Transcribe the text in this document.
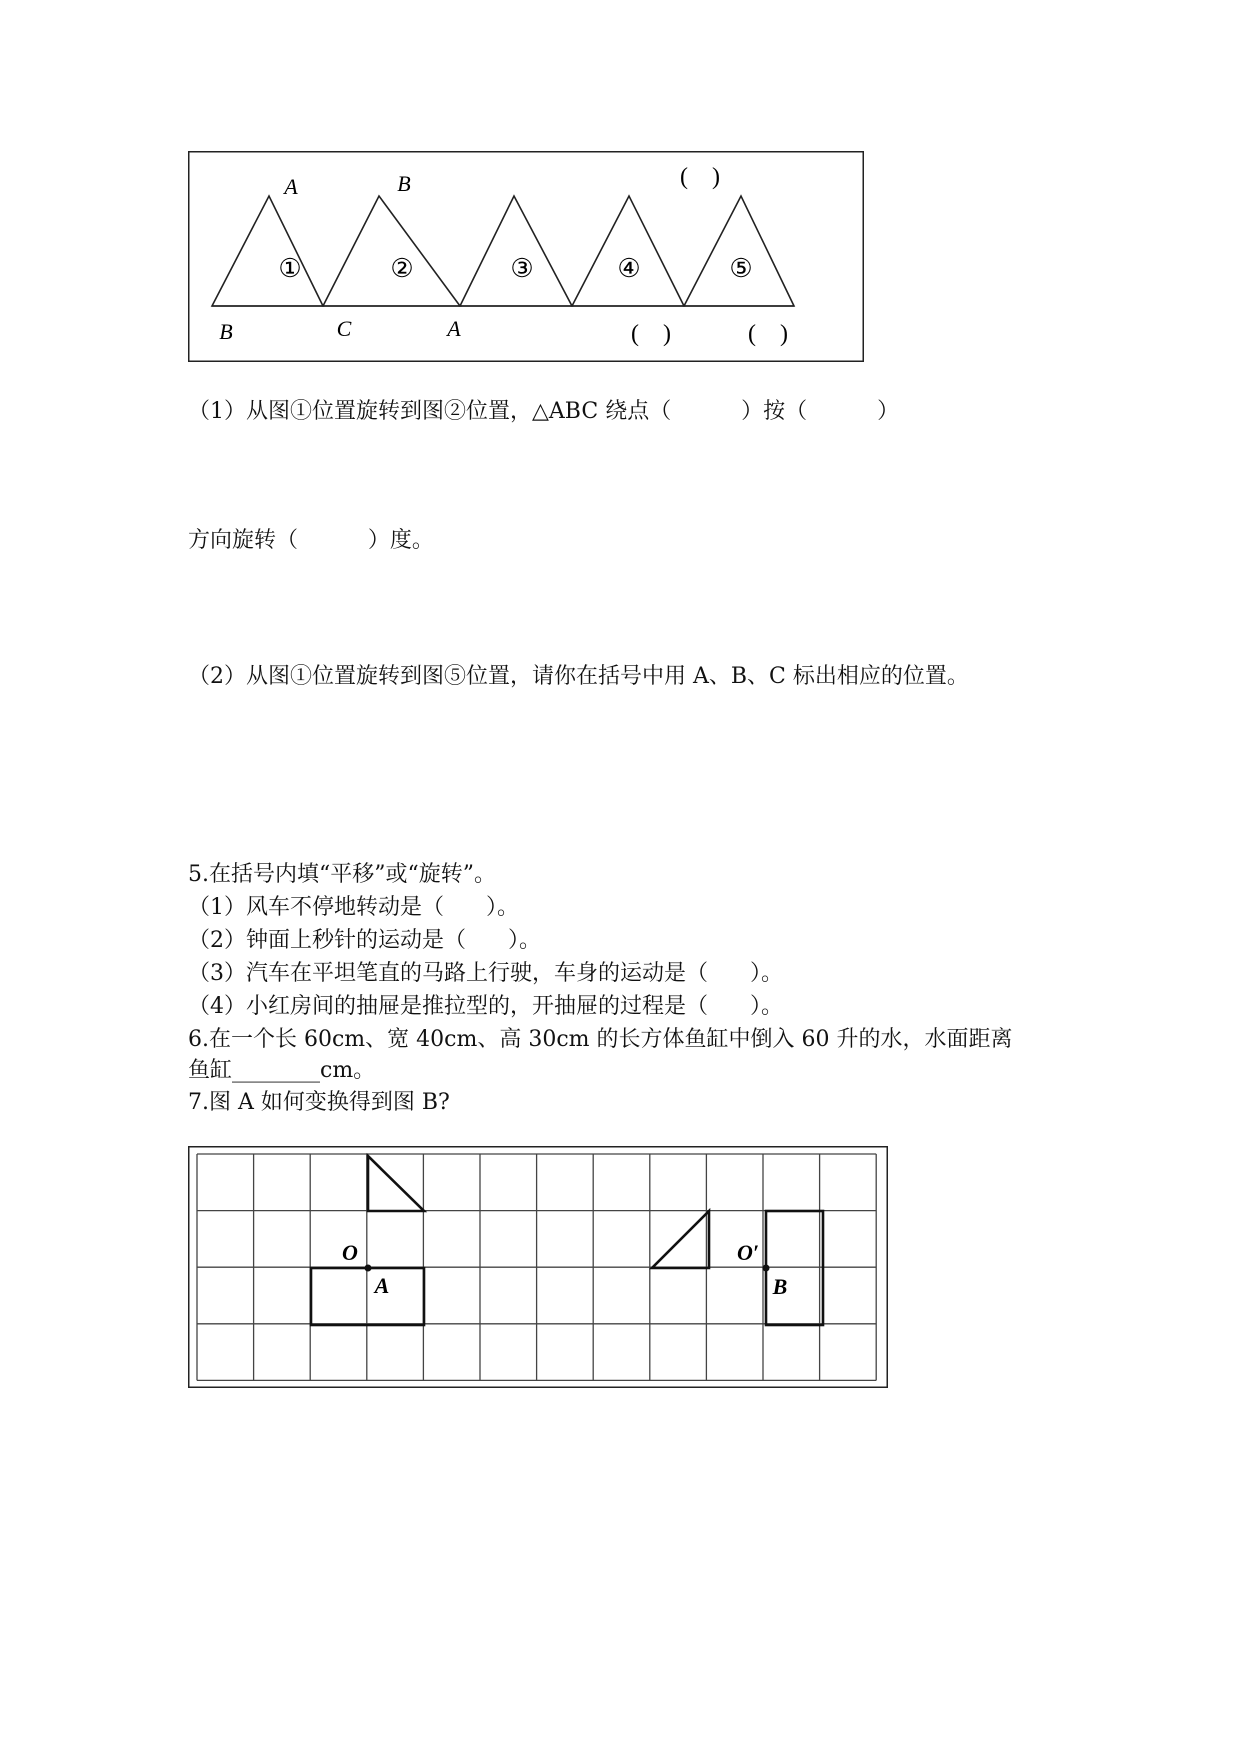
①	②	③	④	⑤
A	B
B	C	A
(    )
(    )	(    )
（1）从图①位置旋转到图②位置，△ABC 绕点（          ）按（          ）
方向旋转（          ）度。
（2）从图①位置旋转到图⑤位置，请你在括号中用 A、B、C 标出相应的位置。
5.在括号内填“平移”或“旋转”。
（1）风车不停地转动是（      ）。
（2）钟面上秒针的运动是（      ）。
（3）汽车在平坦笔直的马路上行驶，车身的运动是（      ）。
（4）小红房间的抽屉是推拉型的，开抽屉的过程是（      ）。
6.在一个长 60cm、宽 40cm、高 30cm 的长方体鱼缸中倒入 60 升的水，水面距离
鱼缸________cm。
7.图 A 如何变换得到图 B?
O
A
O′
B
